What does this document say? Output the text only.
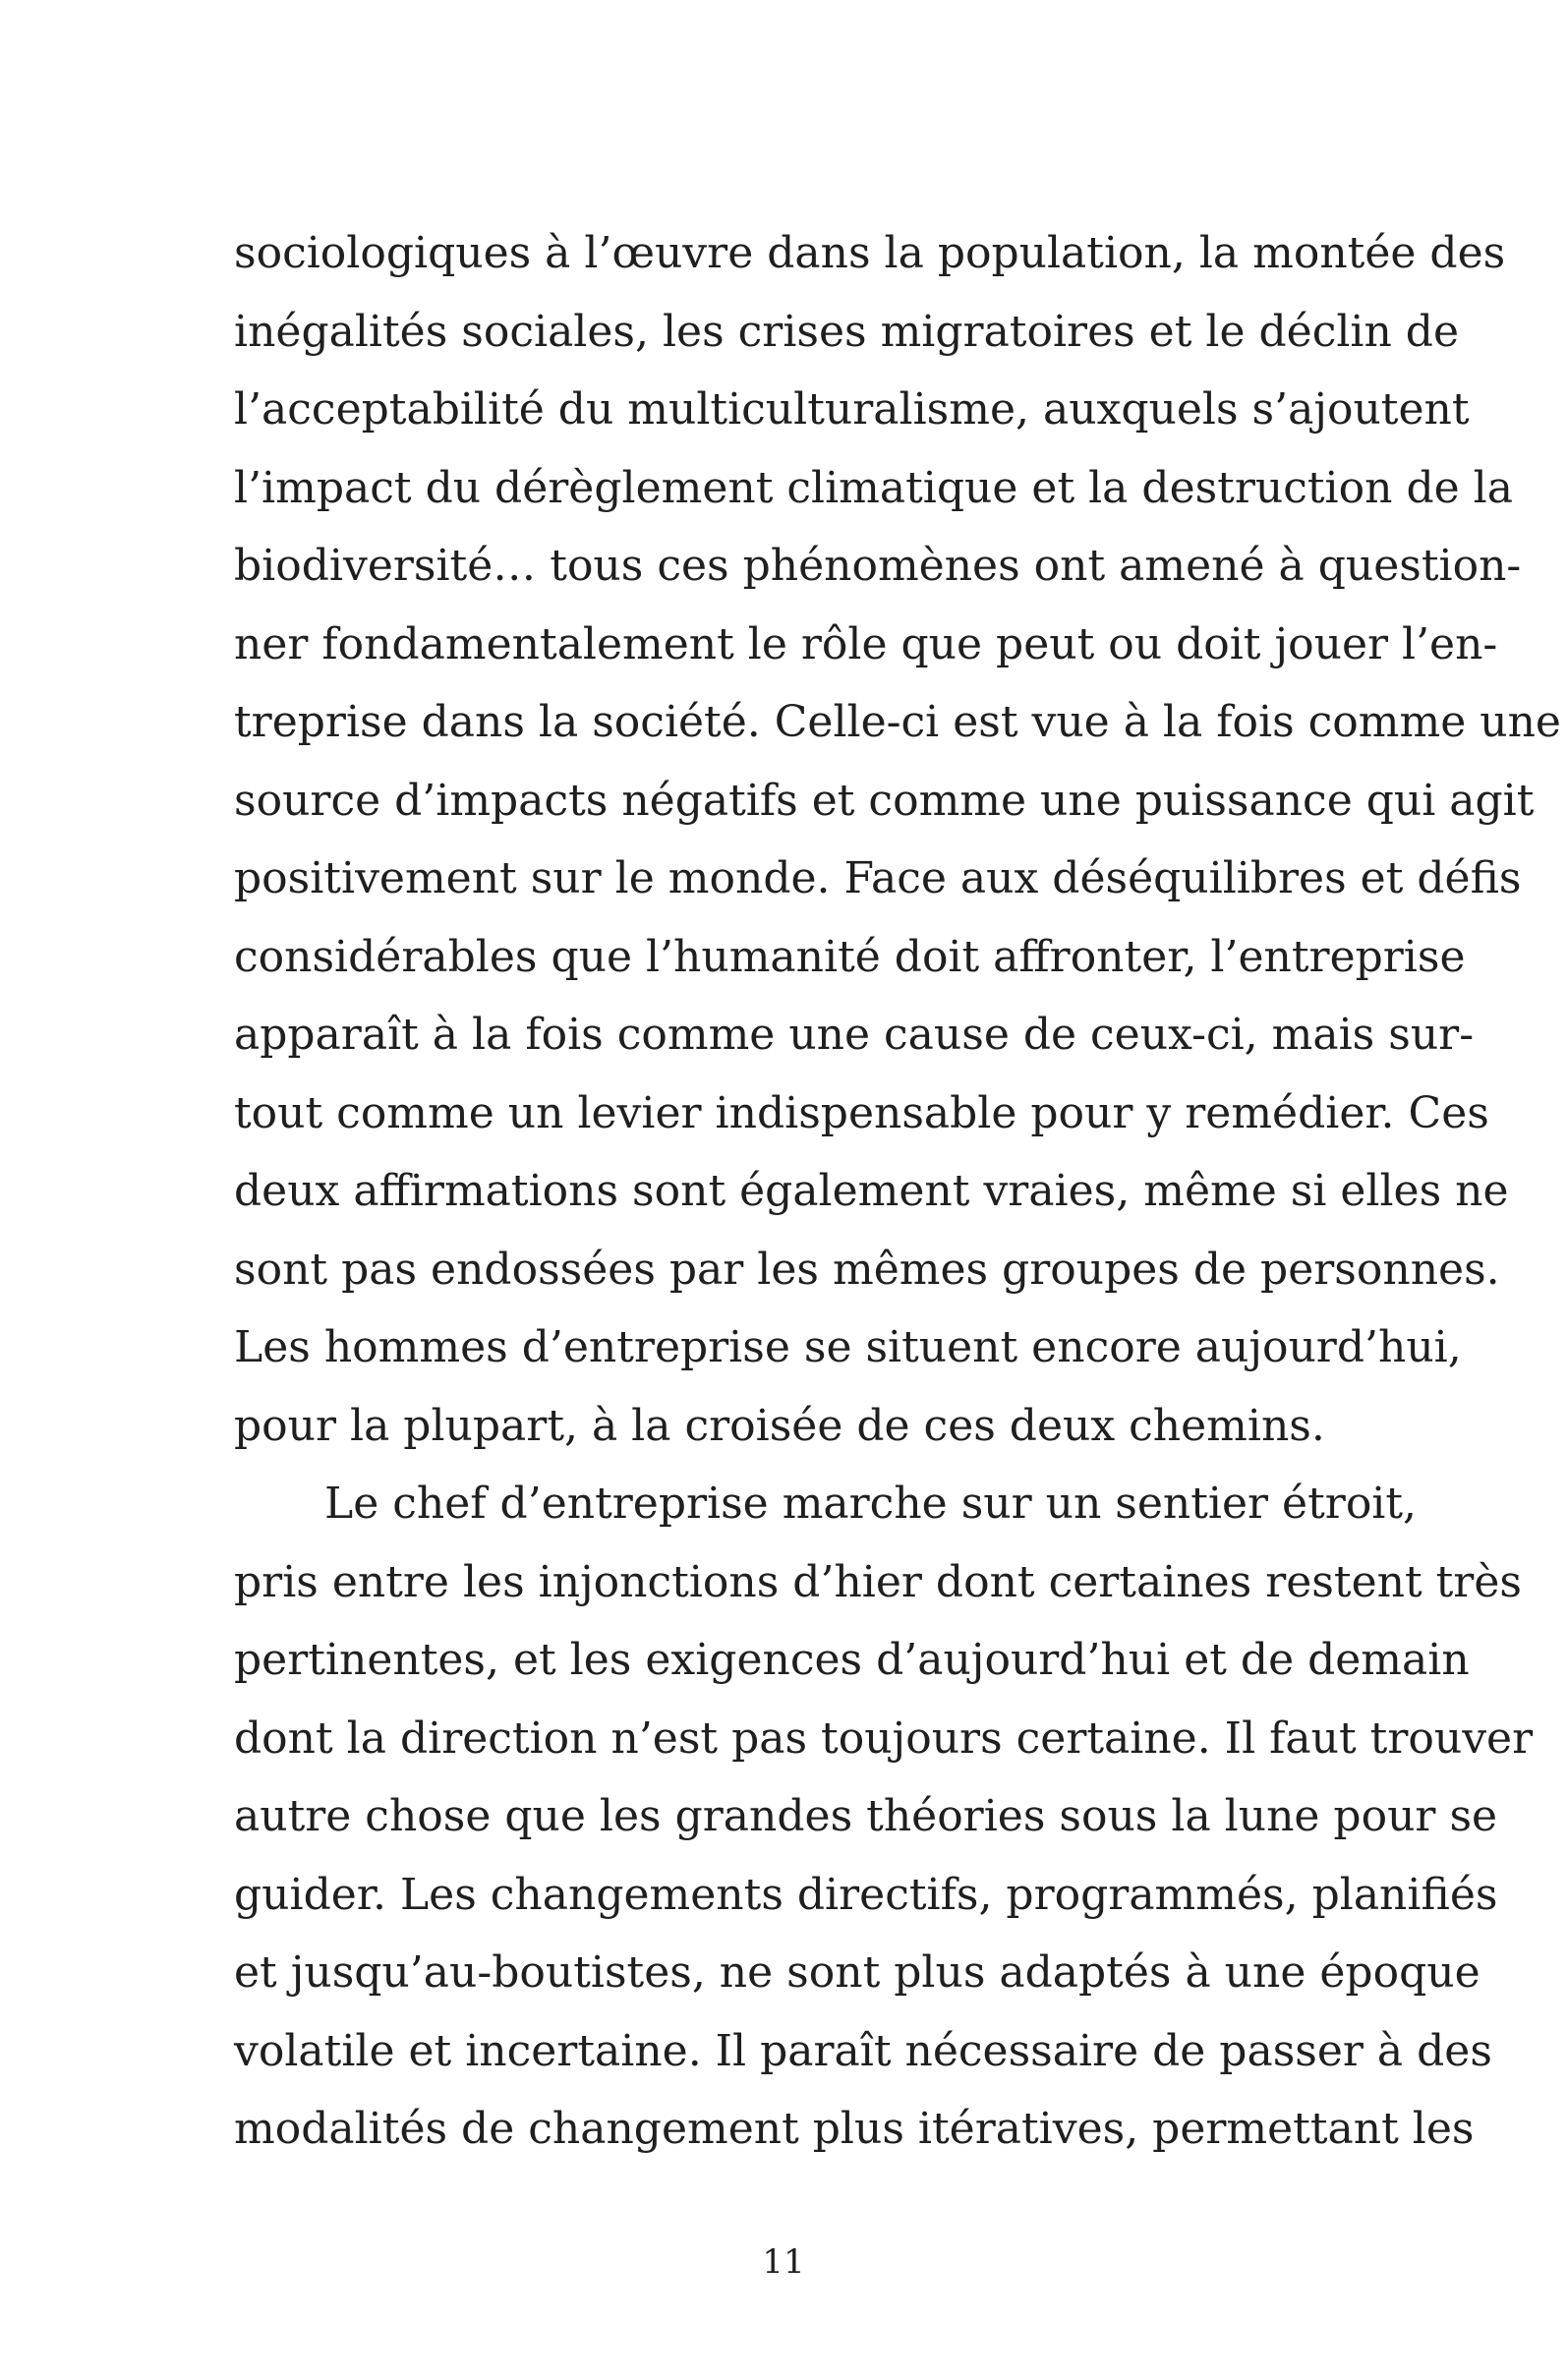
sociologiques à l’œuvre dans la population, la montée des
inégalités sociales, les crises migratoires et le déclin de
l’acceptabilité du multiculturalisme, auxquels s’ajoutent
l’impact du dérèglement climatique et la destruction de la
biodiversité… tous ces phénomènes ont amené à question-
ner fondamentalement le rôle que peut ou doit jouer l’en-
treprise dans la société. Celle-ci est vue à la fois comme une
source d’impacts négatifs et comme une puissance qui agit
positivement sur le monde. Face aux déséquilibres et défis
considérables que l’humanité doit affronter, l’entreprise
apparaît à la fois comme une cause de ceux-ci, mais sur-
tout comme un levier indispensable pour y remédier. Ces
deux affirmations sont également vraies, même si elles ne
sont pas endossées par les mêmes groupes de personnes.
Les hommes d’entreprise se situent encore aujourd’hui,
pour la plupart, à la croisée de ces deux chemins.
Le chef d’entreprise marche sur un sentier étroit,
pris entre les injonctions d’hier dont certaines restent très
pertinentes, et les exigences d’aujourd’hui et de demain
dont la direction n’est pas toujours certaine. Il faut trouver
autre chose que les grandes théories sous la lune pour se
guider. Les changements directifs, programmés, planifiés
et jusqu’au-boutistes, ne sont plus adaptés à une époque
volatile et incertaine. Il paraît nécessaire de passer à des
modalités de changement plus itératives, permettant les
11
